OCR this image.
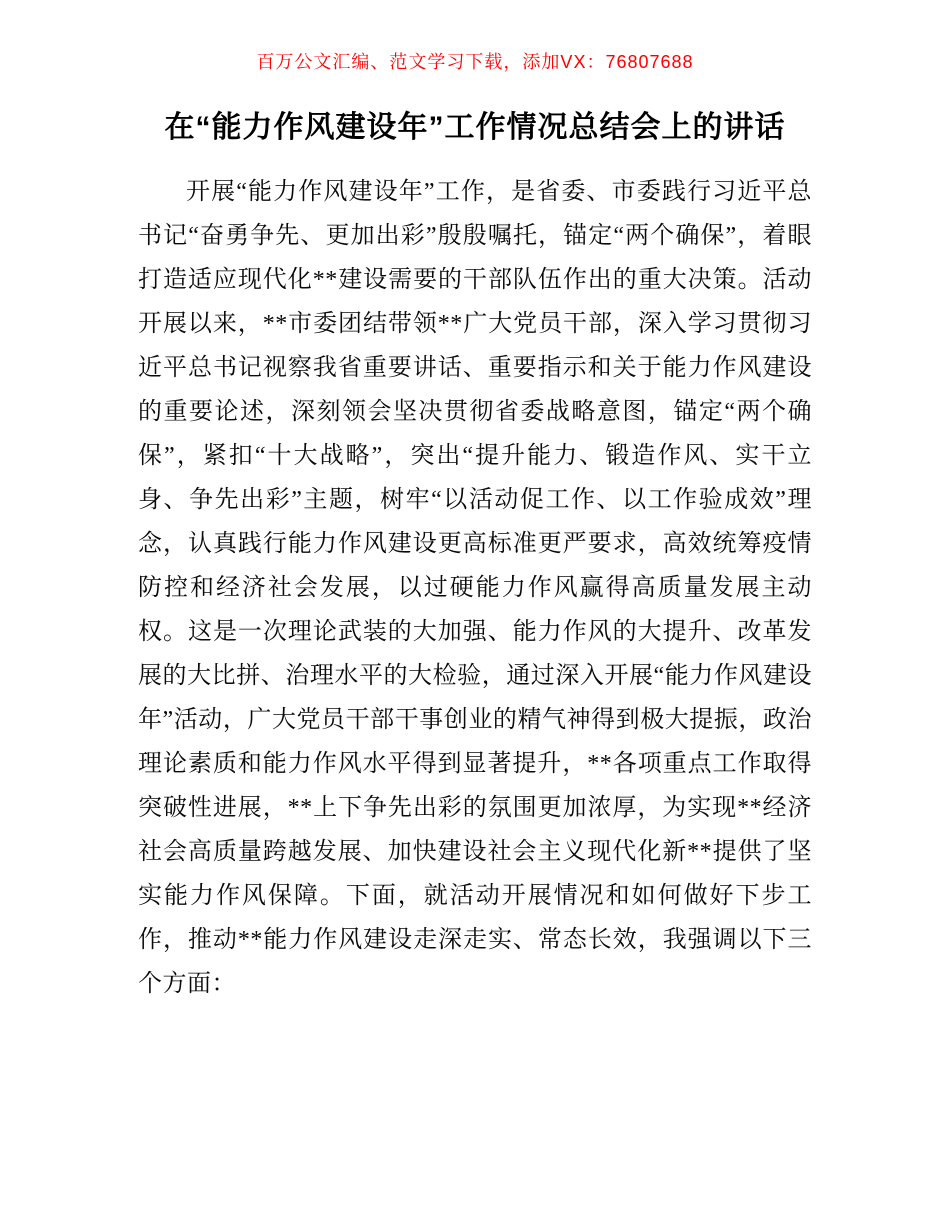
百万公文汇编、范文学习下载，添加VX：76807688
在“能力作风建设年”工作情况总结会上的讲话

开展“能力作风建设年”工作，是省委、市委践行习近平总书记“奋勇争先、更加出彩”殷殷嘱托，锚定“两个确保”，着眼打造适应现代化**建设需要的干部队伍作出的重大决策。活动开展以来，**市委团结带领**广大党员干部，深入学习贯彻习近平总书记视察我省重要讲话、重要指示和关于能力作风建设的重要论述，深刻领会坚决贯彻省委战略意图，锚定“两个确保”，紧扣“十大战略”，突出“提升能力、锻造作风、实干立身、争先出彩”主题，树牢“以活动促工作、以工作验成效”理念，认真践行能力作风建设更高标准更严要求，高效统筹疫情防控和经济社会发展，以过硬能力作风赢得高质量发展主动权。这是一次理论武装的大加强、能力作风的大提升、改革发展的大比拼、治理水平的大检验，通过深入开展“能力作风建设年”活动，广大党员干部干事创业的精气神得到极大提振，政治理论素质和能力作风水平得到显著提升，**各项重点工作取得突破性进展，**上下争先出彩的氛围更加浓厚，为实现**经济社会高质量跨越发展、加快建设社会主义现代化新**提供了坚实能力作风保障。下面，就活动开展情况和如何做好下步工作，推动**能力作风建设走深走实、常态长效，我强调以下三个方面：
